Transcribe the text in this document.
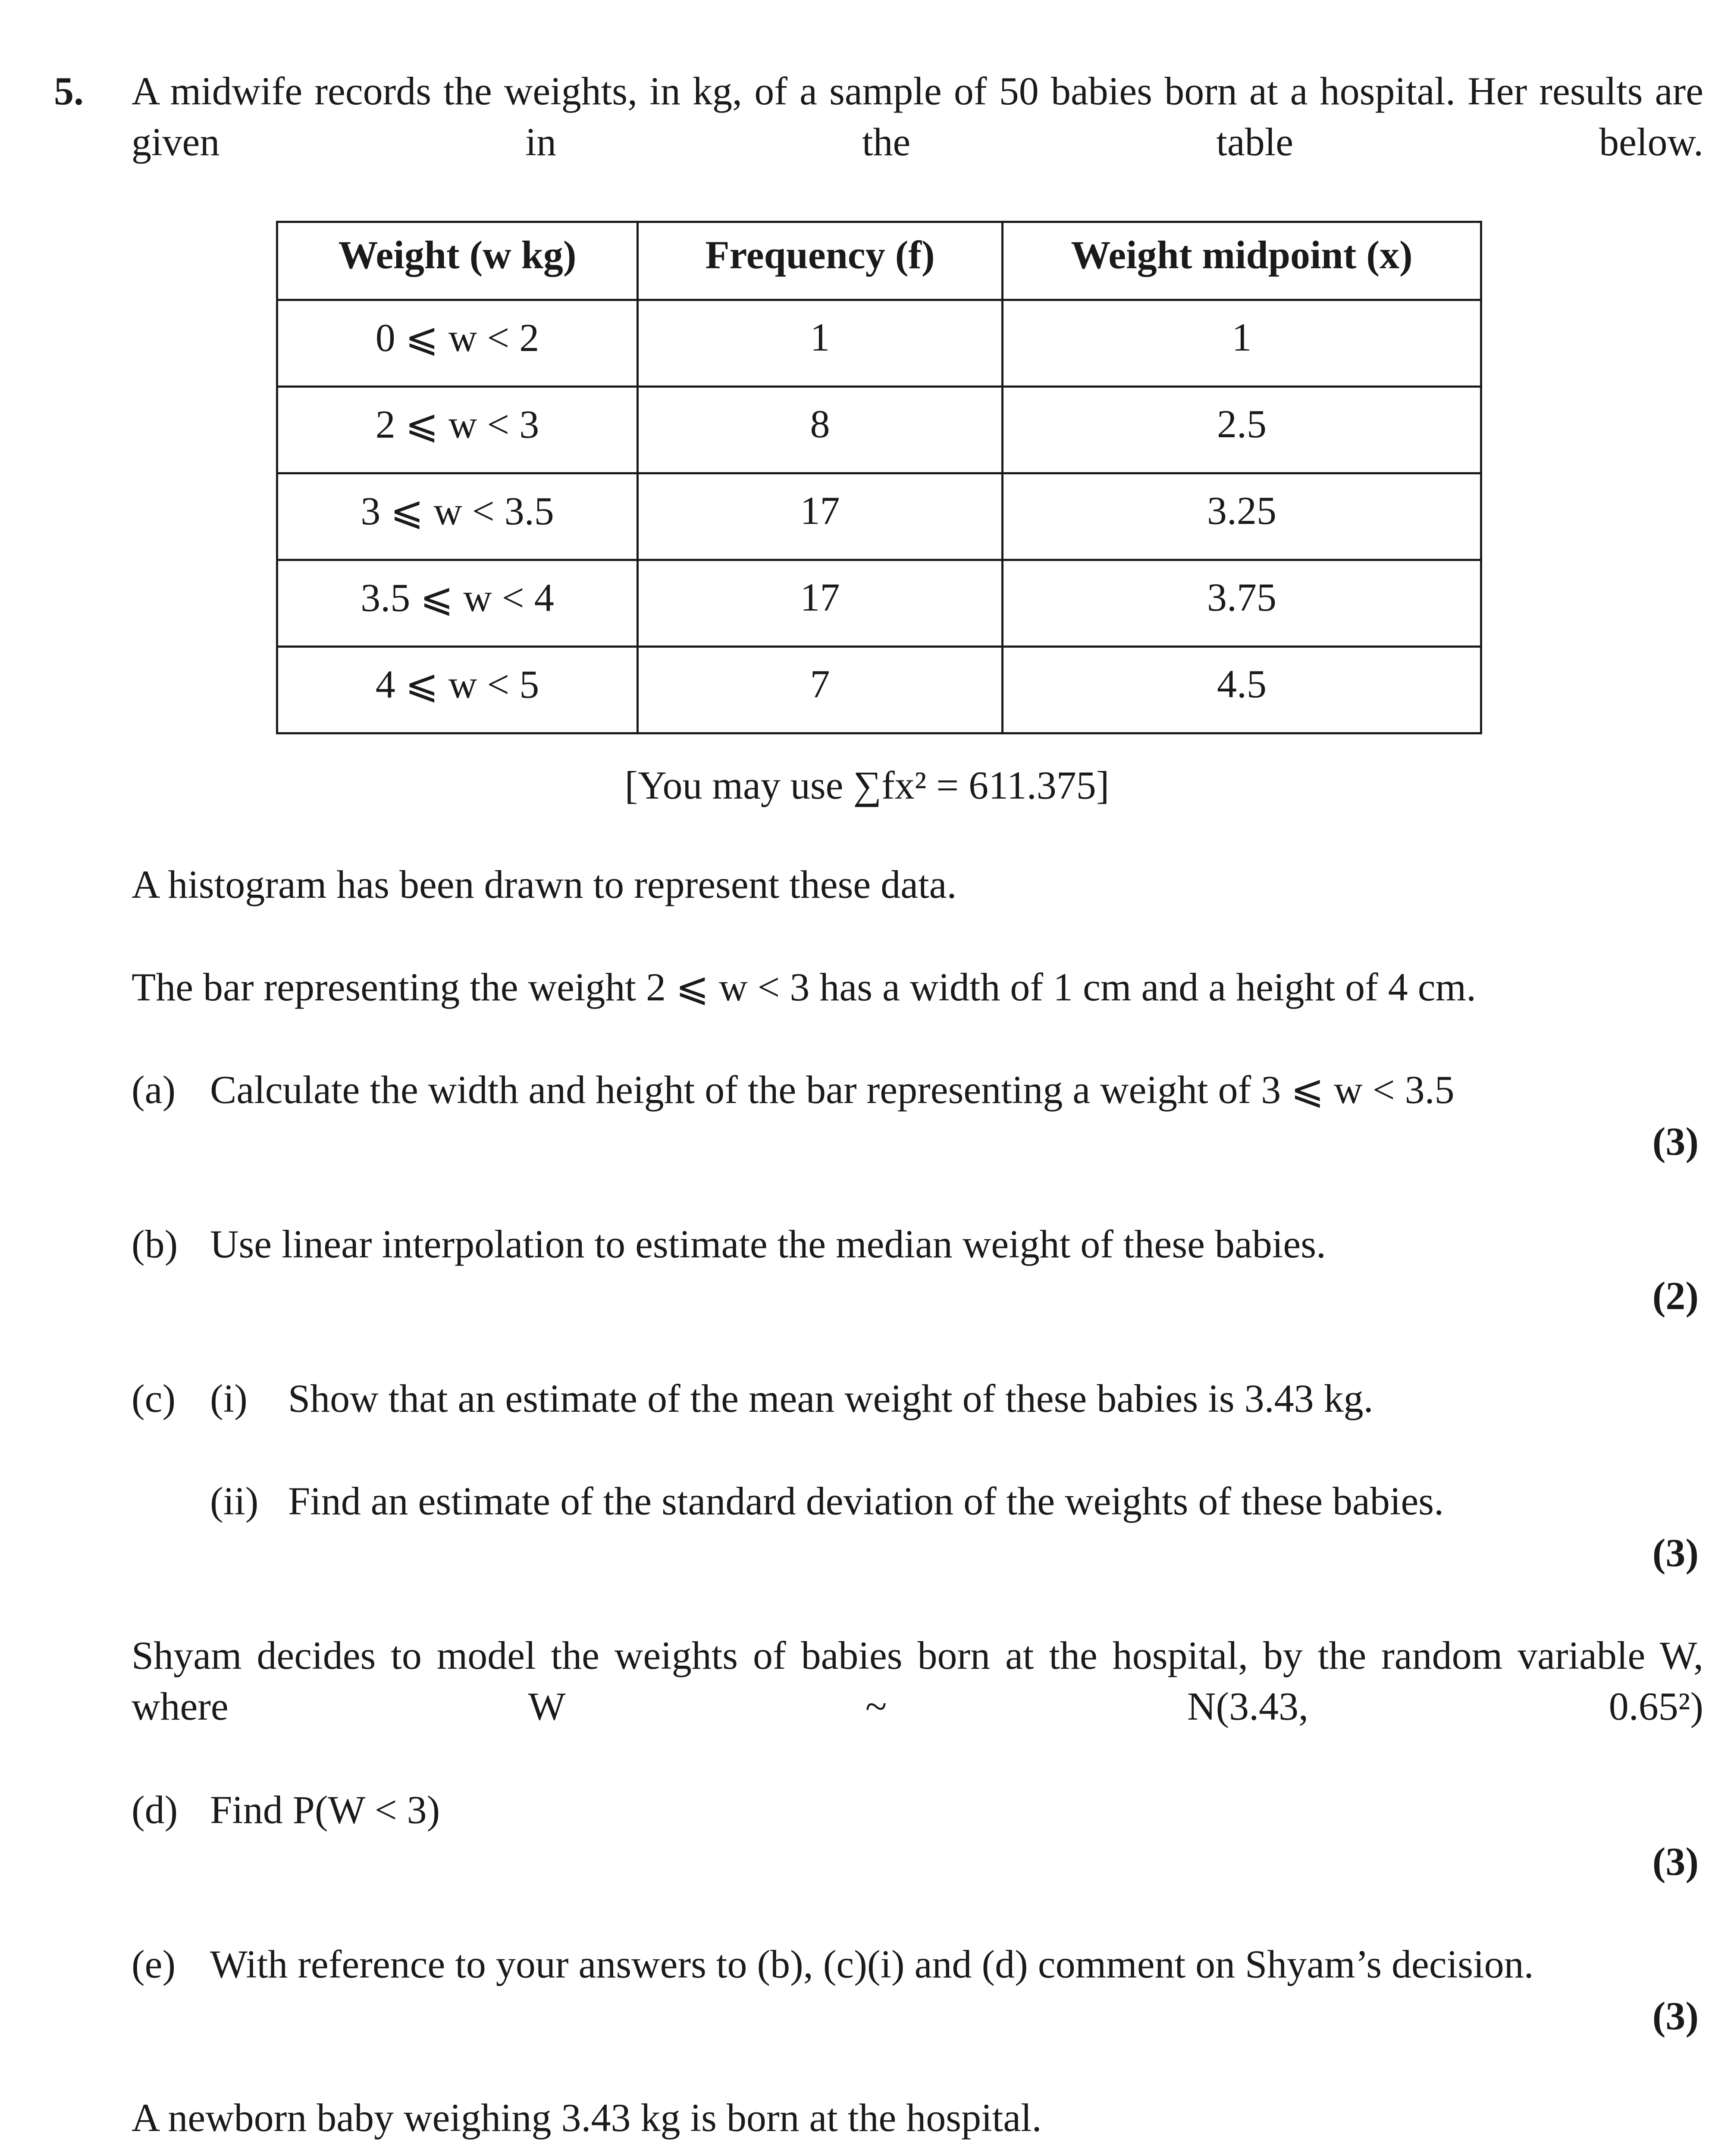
5. A midwife records the weights, in kg, of a sample of 50 babies born at a hospital. Her results are given in the table below.
Weight (w kg)	Frequency (f)	Weight midpoint (x)

0 ⩽ w < 2	1	1

2 ⩽ w < 3	8	2.5

3 ⩽ w < 3.5	17	3.25

3.5 ⩽ w < 4	17	3.75

4 ⩽ w < 5	7	4.5
[You may use ∑fx² = 611.375]
A histogram has been drawn to represent these data.
The bar representing the weight 2 ⩽ w < 3 has a width of 1 cm and a height of 4 cm.
(a) Calculate the width and height of the bar representing a weight of 3 ⩽ w < 3.5
(3)
(b) Use linear interpolation to estimate the median weight of these babies.
(2)
(c) (i) Show that an estimate of the mean weight of these babies is 3.43 kg.
(ii) Find an estimate of the standard deviation of the weights of these babies.
(3)
Shyam decides to model the weights of babies born at the hospital, by the random variable W, where W ~ N(3.43, 0.65²)
(d) Find P(W < 3)
(3)
(e) With reference to your answers to (b), (c)(i) and (d) comment on Shyam’s decision.
(3)
A newborn baby weighing 3.43 kg is born at the hospital.
